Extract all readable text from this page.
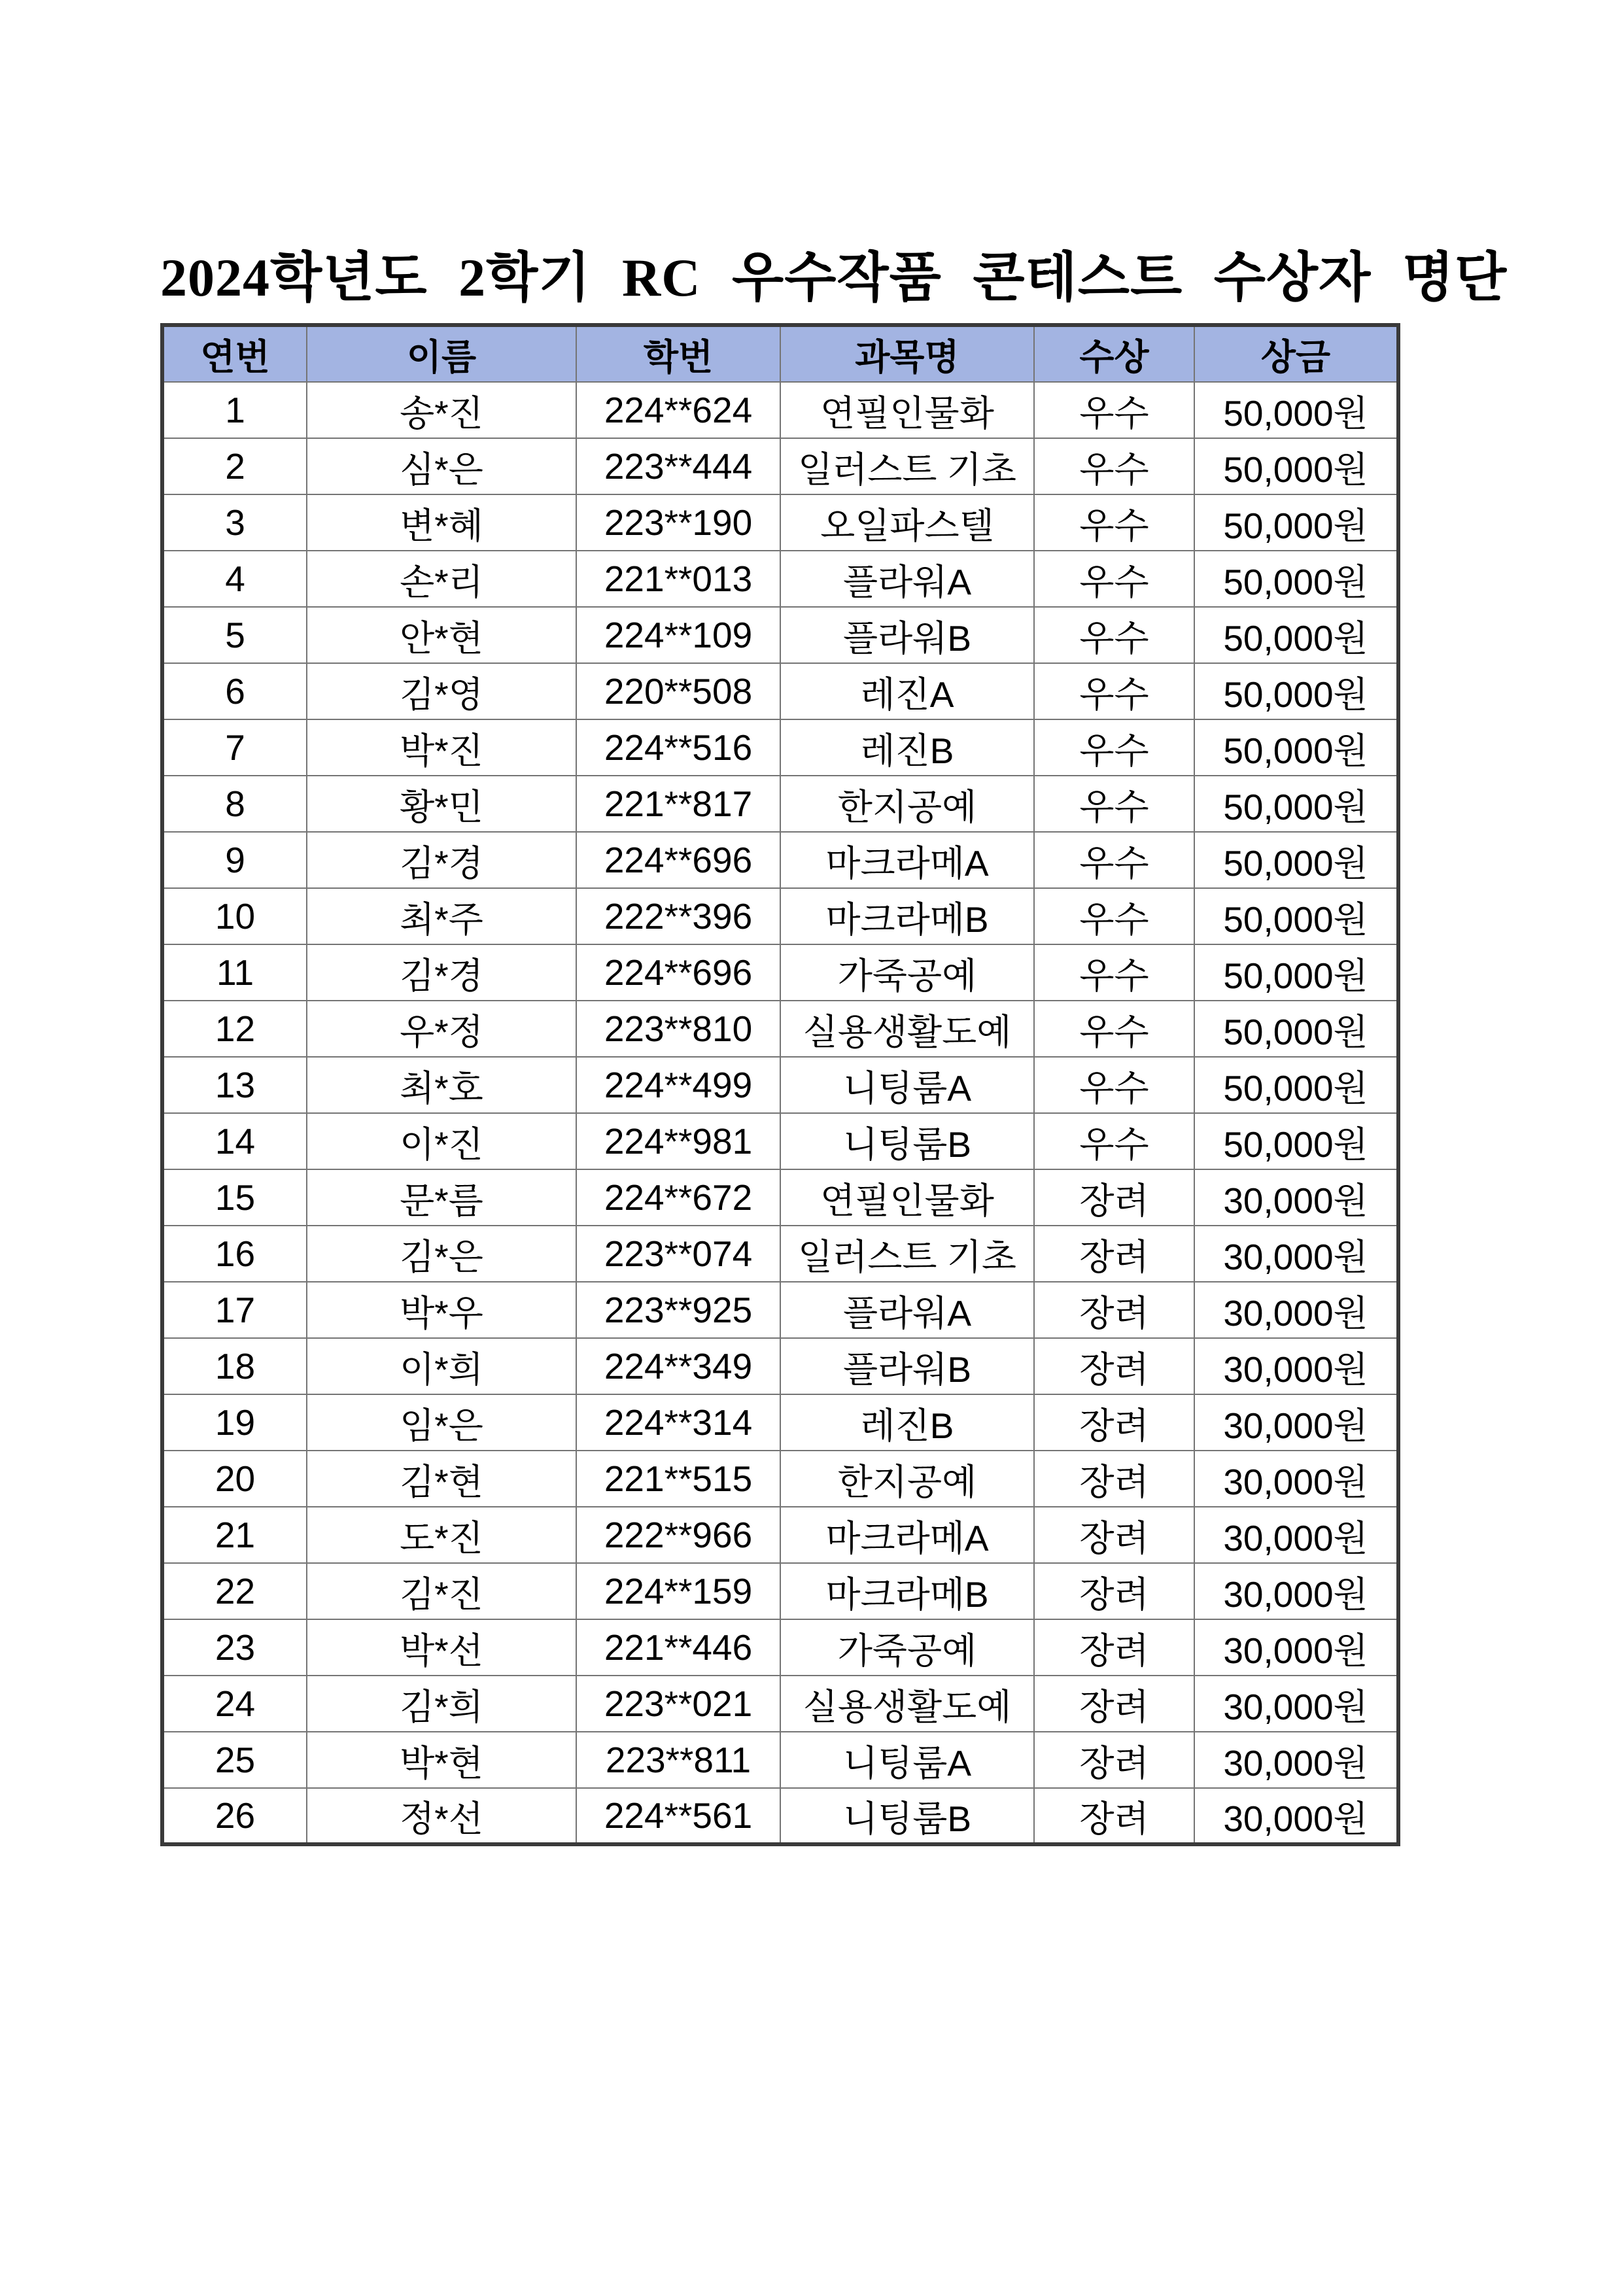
2024학년도 2학기 RC 우수작품 콘테스트 수상자 명단
연번	이름	학번	과목명	수상	상금
1	송*진	224**624	연필인물화	우수	50,000원
2	심*은	223**444	일러스트 기초	우수	50,000원
3	변*혜	223**190	오일파스텔	우수	50,000원
4	손*리	221**013	플라워A	우수	50,000원
5	안*현	224**109	플라워B	우수	50,000원
6	김*영	220**508	레진A	우수	50,000원
7	박*진	224**516	레진B	우수	50,000원
8	황*민	221**817	한지공예	우수	50,000원
9	김*경	224**696	마크라메A	우수	50,000원
10	최*주	222**396	마크라메B	우수	50,000원
11	김*경	224**696	가죽공예	우수	50,000원
12	우*정	223**810	실용생활도예	우수	50,000원
13	최*호	224**499	니팅룸A	우수	50,000원
14	이*진	224**981	니팅룸B	우수	50,000원
15	문*름	224**672	연필인물화	장려	30,000원
16	김*은	223**074	일러스트 기초	장려	30,000원
17	박*우	223**925	플라워A	장려	30,000원
18	이*희	224**349	플라워B	장려	30,000원
19	임*은	224**314	레진B	장려	30,000원
20	김*현	221**515	한지공예	장려	30,000원
21	도*진	222**966	마크라메A	장려	30,000원
22	김*진	224**159	마크라메B	장려	30,000원
23	박*선	221**446	가죽공예	장려	30,000원
24	김*희	223**021	실용생활도예	장려	30,000원
25	박*현	223**811	니팅룸A	장려	30,000원
26	정*선	224**561	니팅룸B	장려	30,000원
